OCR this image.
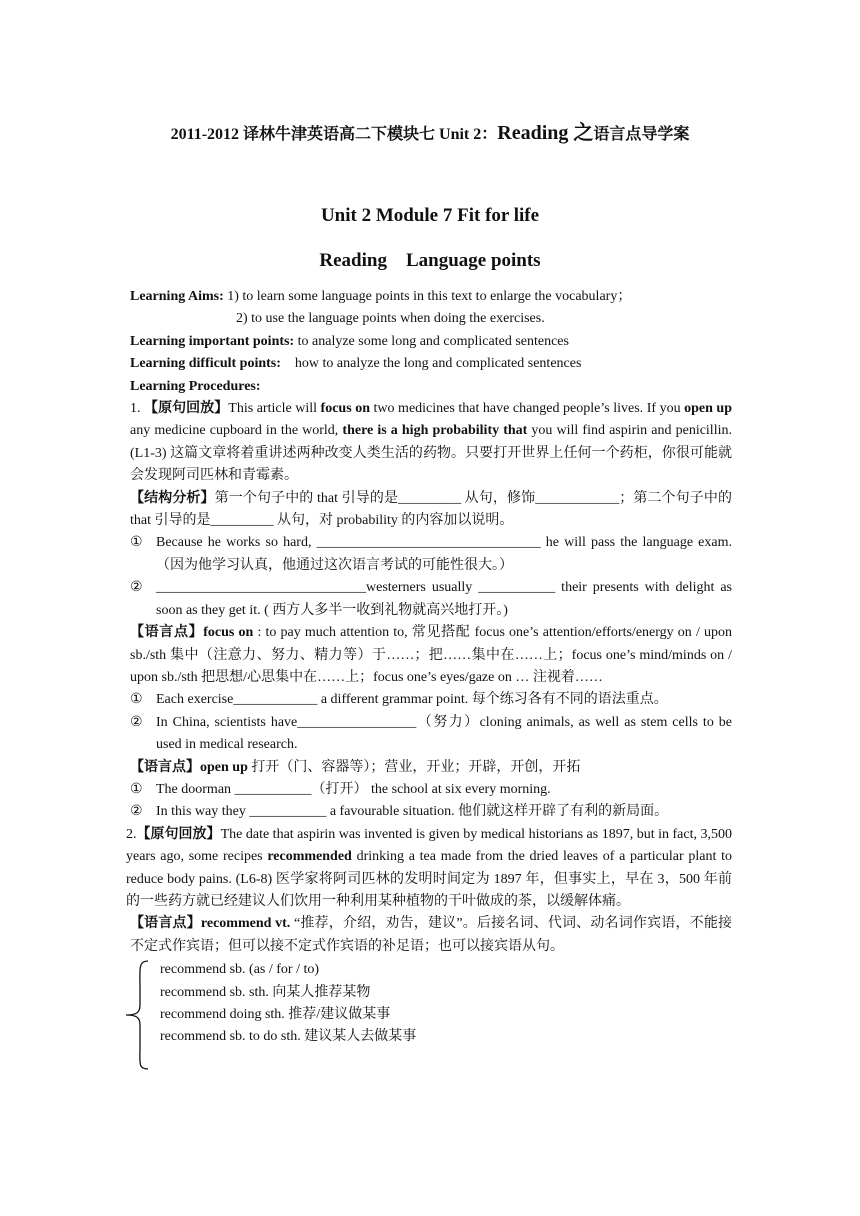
2011-2012 译林牛津英语高二下模块七 Unit 2：Reading 之语言点导学案
Unit 2 Module 7 Fit for life
Reading    Language points

Learning Aims: 1) to learn some language points in this text to enlarge the vocabulary；

2) to use the language points when doing the exercises.

Learning important points: to analyze some long and complicated sentences

Learning difficult points:    how to analyze the long and complicated sentences

Learning Procedures:

1. 【原句回放】This article will focus on two medicines that have changed people’s lives. If you open up any medicine cupboard in the world, there is a high probability that you will find aspirin and penicillin. (L1-3) 这篇文章将着重讲述两种改变人类生活的药物。只要打开世界上任何一个药柜，你很可能就会发现阿司匹林和青霉素。

【结构分析】第一个句子中的 that 引导的是_________ 从句，修饰____________；第二个句子中的 that 引导的是_________ 从句，对 probability 的内容加以说明。

① Because he works so hard, ________________________________ he will pass the language exam. （因为他学习认真，他通过这次语言考试的可能性很大。）
② ______________________________westerners usually ___________ their presents with delight as soon as they get it. ( 西方人多半一收到礼物就高兴地打开。)

【语言点】focus on : to pay much attention to, 常见搭配 focus one’s attention/efforts/energy on / upon sb./sth 集中（注意力、努力、精力等）于……；把……集中在……上；focus one’s mind/minds on / upon sb./sth 把思想/心思集中在……上；focus one’s eyes/gaze on … 注视着……

① Each exercise____________ a different grammar point. 每个练习各有不同的语法重点。
② In China, scientists have_________________（努力）cloning animals, as well as stem cells to be used in medical research.

【语言点】open up 打开（门、容器等）；营业，开业；开辟，开创，开拓

① The doorman ___________（打开） the school at six every morning.
② In this way they ___________ a favourable situation. 他们就这样开辟了有利的新局面。

2.【原句回放】The date that aspirin was invented is given by medical historians as 1897, but in fact, 3,500 years ago, some recipes recommended drinking a tea made from the dried leaves of a particular plant to reduce body pains. (L6-8) 医学家将阿司匹林的发明时间定为 1897 年，但事实上，早在 3，500 年前的一些药方就已经建议人们饮用一种利用某种植物的干叶做成的茶，以缓解体痛。

【语言点】recommend vt. “推荐，介绍，劝告，建议”。后接名词、代词、动名词作宾语，不能接不定式作宾语；但可以接不定式作宾语的补足语；也可以接宾语从句。

recommend sb. (as / for / to)

recommend sb. sth. 向某人推荐某物

recommend doing sth. 推荐/建议做某事

recommend sb. to do sth. 建议某人去做某事
